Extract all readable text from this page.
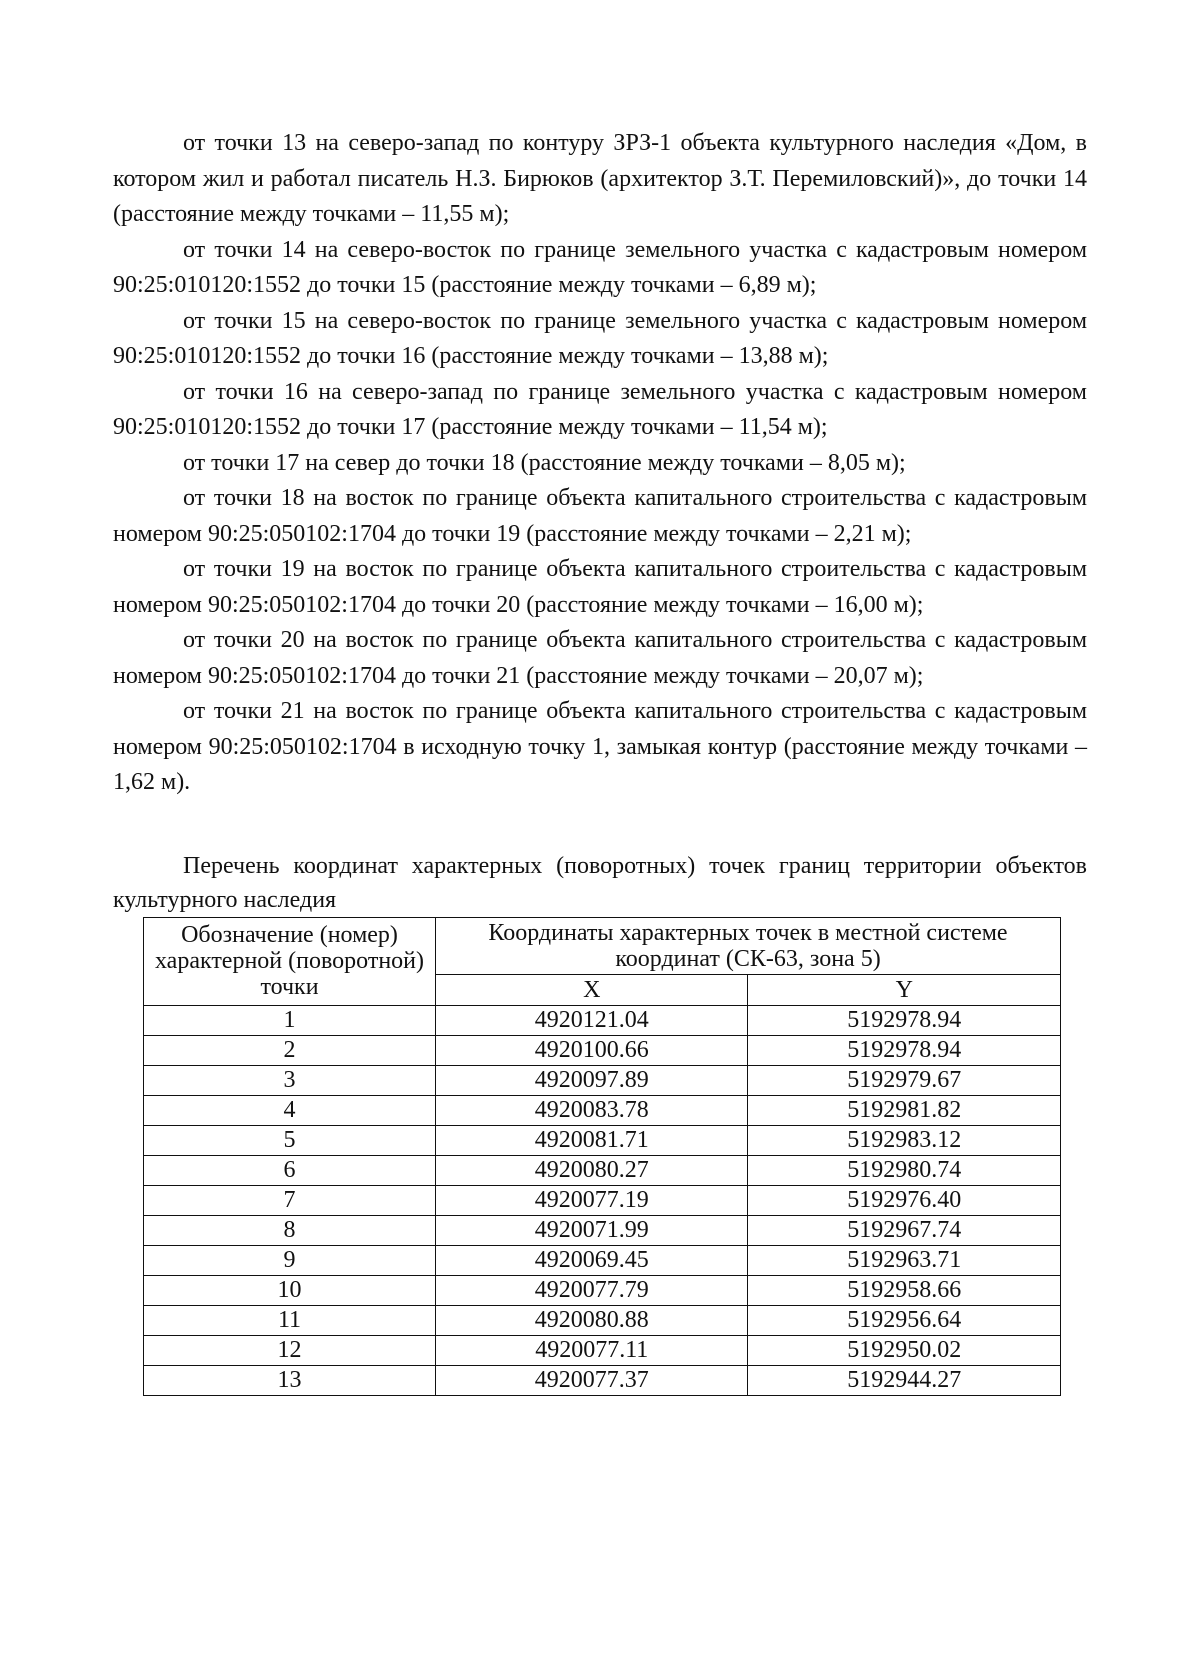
от точки 13 на северо-запад по контуру ЗРЗ-1 объекта культурного наследия «Дом, в котором жил и работал писатель Н.З. Бирюков (архитектор З.Т. Перемиловский)», до точки 14 (расстояние между точками – 11,55 м);

от точки 14 на северо-восток по границе земельного участка с кадастровым номером 90:25:010120:1552 до точки 15 (расстояние между точками – 6,89 м);

от точки 15 на северо-восток по границе земельного участка с кадастровым номером 90:25:010120:1552 до точки 16 (расстояние между точками – 13,88 м);

от точки 16 на северо-запад по границе земельного участка с кадастровым номером 90:25:010120:1552 до точки 17 (расстояние между точками – 11,54 м);

от точки 17 на север до точки 18 (расстояние между точками – 8,05 м);

от точки 18 на восток по границе объекта капитального строительства с кадастровым номером 90:25:050102:1704 до точки 19 (расстояние между точками – 2,21 м);

от точки 19 на восток по границе объекта капитального строительства с кадастровым номером 90:25:050102:1704 до точки 20 (расстояние между точками – 16,00 м);

от точки 20 на восток по границе объекта капитального строительства с кадастровым номером 90:25:050102:1704 до точки 21 (расстояние между точками – 20,07 м);

от точки 21 на восток по границе объекта капитального строительства с кадастровым номером 90:25:050102:1704 в исходную точку 1, замыкая контур (расстояние между точками – 1,62 м).

Перечень координат характерных (поворотных) точек границ территории объектов культурного наследия

Обозначение (номер) характерной (поворотной) точки	Координаты характерных точек в местной системе координат (СК-63, зона 5)	
	X	Y
1	4920121.04	5192978.94
2	4920100.66	5192978.94
3	4920097.89	5192979.67
4	4920083.78	5192981.82
5	4920081.71	5192983.12
6	4920080.27	5192980.74
7	4920077.19	5192976.40
8	4920071.99	5192967.74
9	4920069.45	5192963.71
10	4920077.79	5192958.66
11	4920080.88	5192956.64
12	4920077.11	5192950.02
13	4920077.37	5192944.27
